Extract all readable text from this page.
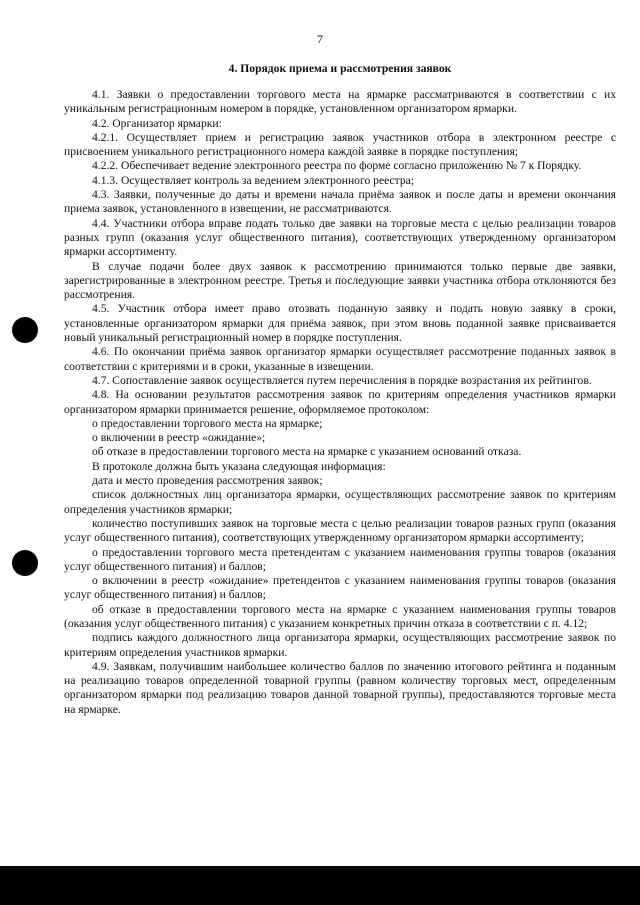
7
4. Порядок приема и рассмотрения заявок

4.1. Заявки о предоставлении торгового места на ярмарке рассматриваются в соответствии с их уникальным регистрационным номером в порядке, установленном организатором ярмарки.

4.2. Организатор ярмарки:

4.2.1. Осуществляет прием и регистрацию заявок участников отбора в электронном реестре с присвоением уникального регистрационного номера каждой заявке в порядке поступления;

4.2.2. Обеспечивает ведение электронного реестра по форме согласно приложению № 7 к Порядку.

4.1.3. Осуществляет контроль за ведением электронного реестра;

4.3. Заявки, полученные до даты и времени начала приёма заявок и после даты и времени окончания приема заявок, установленного в извещении, не рассматриваются.

4.4. Участники отбора вправе подать только две заявки на торговые места с целью реализации товаров разных групп (оказания услуг общественного питания), соответствующих утвержденному организатором ярмарки ассортименту.

В случае подачи более двух заявок к рассмотрению принимаются только первые две заявки, зарегистрированные в электронном реестре. Третья и последующие заявки участника отбора отклоняются без рассмотрения.

4.5. Участник отбора имеет право отозвать поданную заявку и подать новую заявку в сроки, установленные организатором ярмарки для приёма заявок, при этом вновь поданной заявке присваивается новый уникальный регистрационный номер в порядке поступления.

4.6. По окончании приёма заявок организатор ярмарки осуществляет рассмотрение поданных заявок в соответствии с критериями и в сроки, указанные в извещении.

4.7. Сопоставление заявок осуществляется путем перечисления в порядке возрастания их рейтингов.

4.8. На основании результатов рассмотрения заявок по критериям определения участников ярмарки организатором ярмарки принимается решение, оформляемое протоколом:

о предоставлении торгового места на ярмарке;

о включении в реестр «ожидание»;

об отказе в предоставлении торгового места на ярмарке с указанием оснований отказа.

В протоколе должна быть указана следующая информация:

дата и место проведения рассмотрения заявок;

список должностных лиц организатора ярмарки, осуществляющих рассмотрение заявок по критериям определения участников ярмарки;

количество поступивших заявок на торговые места с целью реализации товаров разных групп (оказания услуг общественного питания), соответствующих утвержденному организатором ярмарки ассортименту;

о предоставлении торгового места претендентам с указанием наименования группы товаров (оказания услуг общественного питания) и баллов;

о включении в реестр «ожидание» претендентов с указанием наименования группы товаров (оказания услуг общественного питания) и баллов;

об отказе в предоставлении торгового места на ярмарке с указанием наименования группы товаров (оказания услуг общественного питания) с указанием конкретных причин отказа в соответствии с п. 4.12;

подпись каждого должностного лица организатора ярмарки, осуществляющих рассмотрение заявок по критериям определения участников ярмарки.

4.9. Заявкам, получившим наибольшее количество баллов по значению итогового рейтинга и поданным на реализацию товаров определенной товарной группы (равном количеству торговых мест, определенным организатором ярмарки под реализацию товаров данной товарной группы), предоставляются торговые места на ярмарке.
